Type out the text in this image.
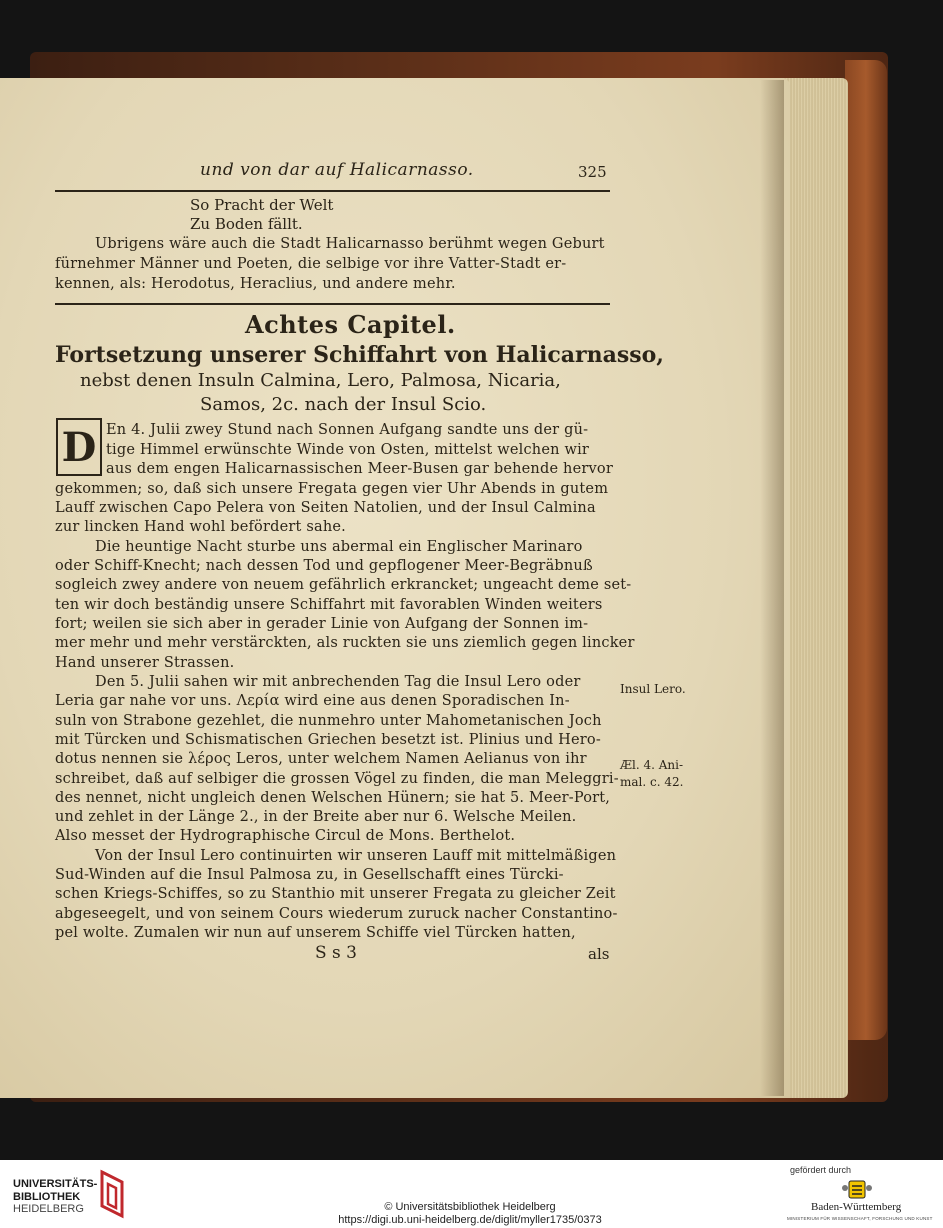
und von dar auf Halicarnasso.	325
So Pracht der Welt
Zu Boden fällt.
Ubrigens wäre auch die Stadt Halicarnasso berühmt wegen Geburt
fürnehmer Männer und Poeten, die selbige vor ihre Vatter-Stadt er-
kennen, als: Herodotus, Heraclius, und andere mehr.
Achtes Capitel.
Fortsetzung unserer Schiffahrt von Halicarnasso,
nebst denen Insuln Calmina, Lero, Palmosa, Nicaria,
Samos, 2c. nach der Insul Scio.
D En 4. Julii zwey Stund nach Sonnen Aufgang sandte uns der gü-
tige Himmel erwünschte Winde von Osten, mittelst welchen wir
aus dem engen Halicarnassischen Meer-Busen gar behende hervor
gekommen; so, daß sich unsere Fregata gegen vier Uhr Abends in gutem
Lauff zwischen Capo Pelera von Seiten Natolien, und der Insul Calmina
zur lincken Hand wohl befördert sahe.
Die heuntige Nacht sturbe uns abermal ein Englischer Marinaro
oder Schiff-Knecht; nach dessen Tod und gepflogener Meer-Begräbnuß
sogleich zwey andere von neuem gefährlich erkrancket; ungeacht deme set-
ten wir doch beständig unsere Schiffahrt mit favorablen Winden weiters
fort; weilen sie sich aber in gerader Linie von Aufgang der Sonnen im-
mer mehr und mehr verstärckten, als ruckten sie uns ziemlich gegen lincker
Hand unserer Strassen.
Den 5. Julii sahen wir mit anbrechenden Tag die Insul Lero oder
Leria gar nahe vor uns. Λερία wird eine aus denen Sporadischen In-
suln von Strabone gezehlet, die nunmehro unter Mahometanischen Joch
mit Türcken und Schismatischen Griechen besetzt ist. Plinius und Hero-
dotus nennen sie λέρος Leros, unter welchem Namen Aelianus von ihr
schreibet, daß auf selbiger die grossen Vögel zu finden, die man Meleggri-
des nennet, nicht ungleich denen Welschen Hünern; sie hat 5. Meer-Port,
und zehlet in der Länge 2., in der Breite aber nur 6. Welsche Meilen.
Also messet der Hydrographische Circul de Mons. Berthelot.
Von der Insul Lero continuirten wir unseren Lauff mit mittelmäßigen
Sud-Winden auf die Insul Palmosa zu, in Gesellschafft eines Türcki-
schen Kriegs-Schiffes, so zu Stanthio mit unserer Fregata zu gleicher Zeit
abgeseegelt, und von seinem Cours wiederum zuruck nacher Constantino-
pel wolte. Zumalen wir nun auf unserem Schiffe viel Türcken hatten,
Insul Lero.
Æl. 4. Ani-
mal. c. 42.
S s 3	als
UNIVERSITÄTS-
BIBLIOTHEK
HEIDELBERG	© Universitätsbibliothek Heidelberg
https://digi.ub.uni-heidelberg.de/diglit/myller1735/0373
gefördert durch
Baden-Württemberg
MINISTERIUM FÜR WISSENSCHAFT, FORSCHUNG UND KUNST
